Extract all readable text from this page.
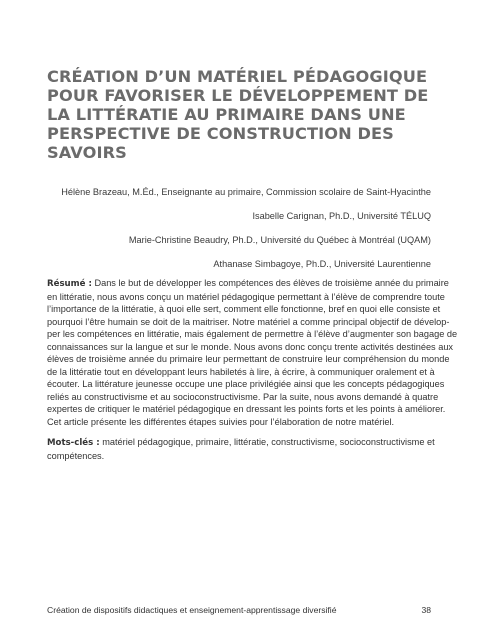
CRÉATION D’UN MATÉRIEL PÉDAGOGIQUE
POUR FAVORISER LE DÉVELOPPEMENT DE
LA LITTÉRATIE AU PRIMAIRE DANS UNE
PERSPECTIVE DE CONSTRUCTION DES
SAVOIRS
Hélène Brazeau, M.Éd., Enseignante au primaire, Commission scolaire de Saint-Hyacinthe
Isabelle Carignan, Ph.D., Université TÉLUQ
Marie-Christine Beaudry, Ph.D., Université du Québec à Montréal (UQAM)
Athanase Simbagoye, Ph.D., Université Laurentienne
Résumé : Dans le but de développer les compétences des élèves de troisième année du primaire
en littératie, nous avons conçu un matériel pédagogique permettant à l’élève de comprendre toute
l’importance de la littératie, à quoi elle sert, comment elle fonctionne, bref en quoi elle consiste et
pourquoi l’être humain se doit de la maitriser. Notre matériel a comme principal objectif de dévelop-
per les compétences en littératie, mais également de permettre à l’élève d’augmenter son bagage de
connaissances sur la langue et sur le monde. Nous avons donc conçu trente activités destinées aux
élèves de troisième année du primaire leur permettant de construire leur compréhension du monde
de la littératie tout en développant leurs habiletés à lire, à écrire, à communiquer oralement et à
écouter. La littérature jeunesse occupe une place privilégiée ainsi que les concepts pédagogiques
reliés au constructivisme et au socioconstructivisme. Par la suite, nous avons demandé à quatre
expertes de critiquer le matériel pédagogique en dressant les points forts et les points à améliorer.
Cet article présente les différentes étapes suivies pour l’élaboration de notre matériel.
Mots-clés : matériel pédagogique, primaire, littératie, constructivisme, socioconstructivisme et
compétences.
Création de dispositifs didactiques et enseignement-apprentissage diversifié	38
